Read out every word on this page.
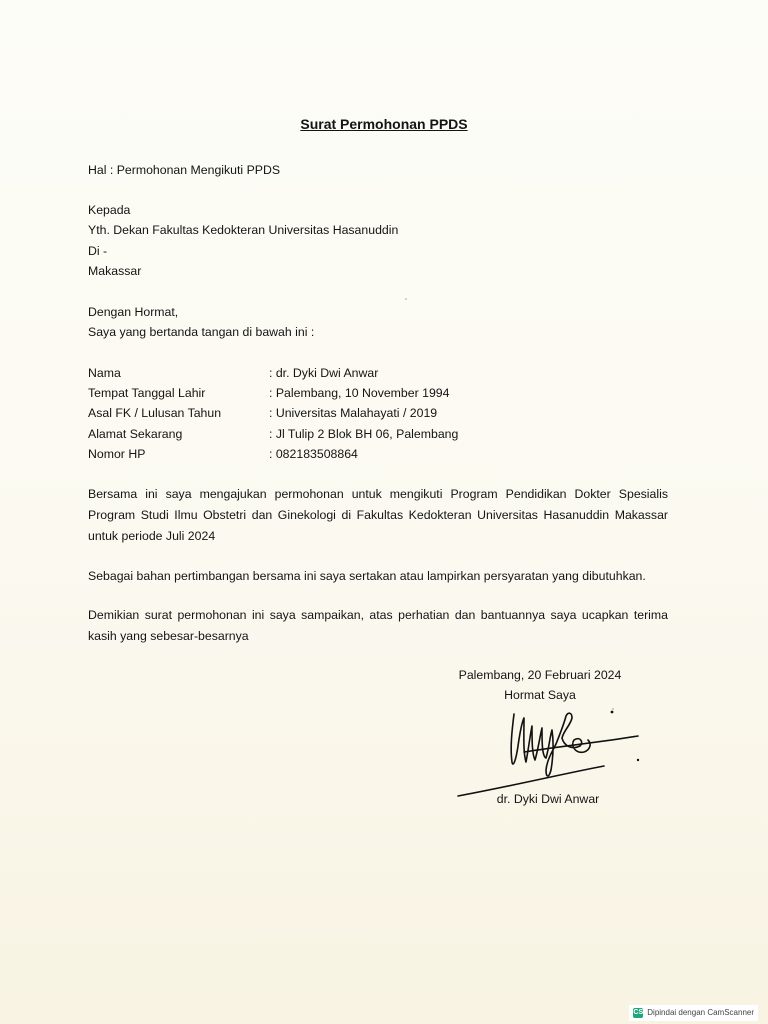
Surat Permohonan PPDS
Hal : Permohonan Mengikuti PPDS
Kepada
Yth. Dekan Fakultas Kedokteran Universitas Hasanuddin
Di -
Makassar
Dengan Hormat,
Saya yang bertanda tangan di bawah ini :
Nama	: dr. Dyki Dwi Anwar
Tempat Tanggal Lahir	: Palembang, 10 November 1994
Asal FK / Lulusan Tahun	: Universitas Malahayati / 2019
Alamat Sekarang	: Jl Tulip 2 Blok BH 06, Palembang
Nomor HP	: 082183508864
Bersama ini saya mengajukan permohonan untuk mengikuti Program Pendidikan Dokter Spesialis Program Studi Ilmu Obstetri dan Ginekologi di Fakultas Kedokteran Universitas Hasanuddin Makassar untuk periode Juli 2024
Sebagai bahan pertimbangan bersama ini saya sertakan atau lampirkan persyaratan yang dibutuhkan.
Demikian surat permohonan ini saya sampaikan, atas perhatian dan bantuannya saya ucapkan terima kasih yang sebesar-besarnya
Palembang, 20 Februari 2024
Hormat Saya
dr. Dyki Dwi Anwar
CS Dipindai dengan CamScanner
